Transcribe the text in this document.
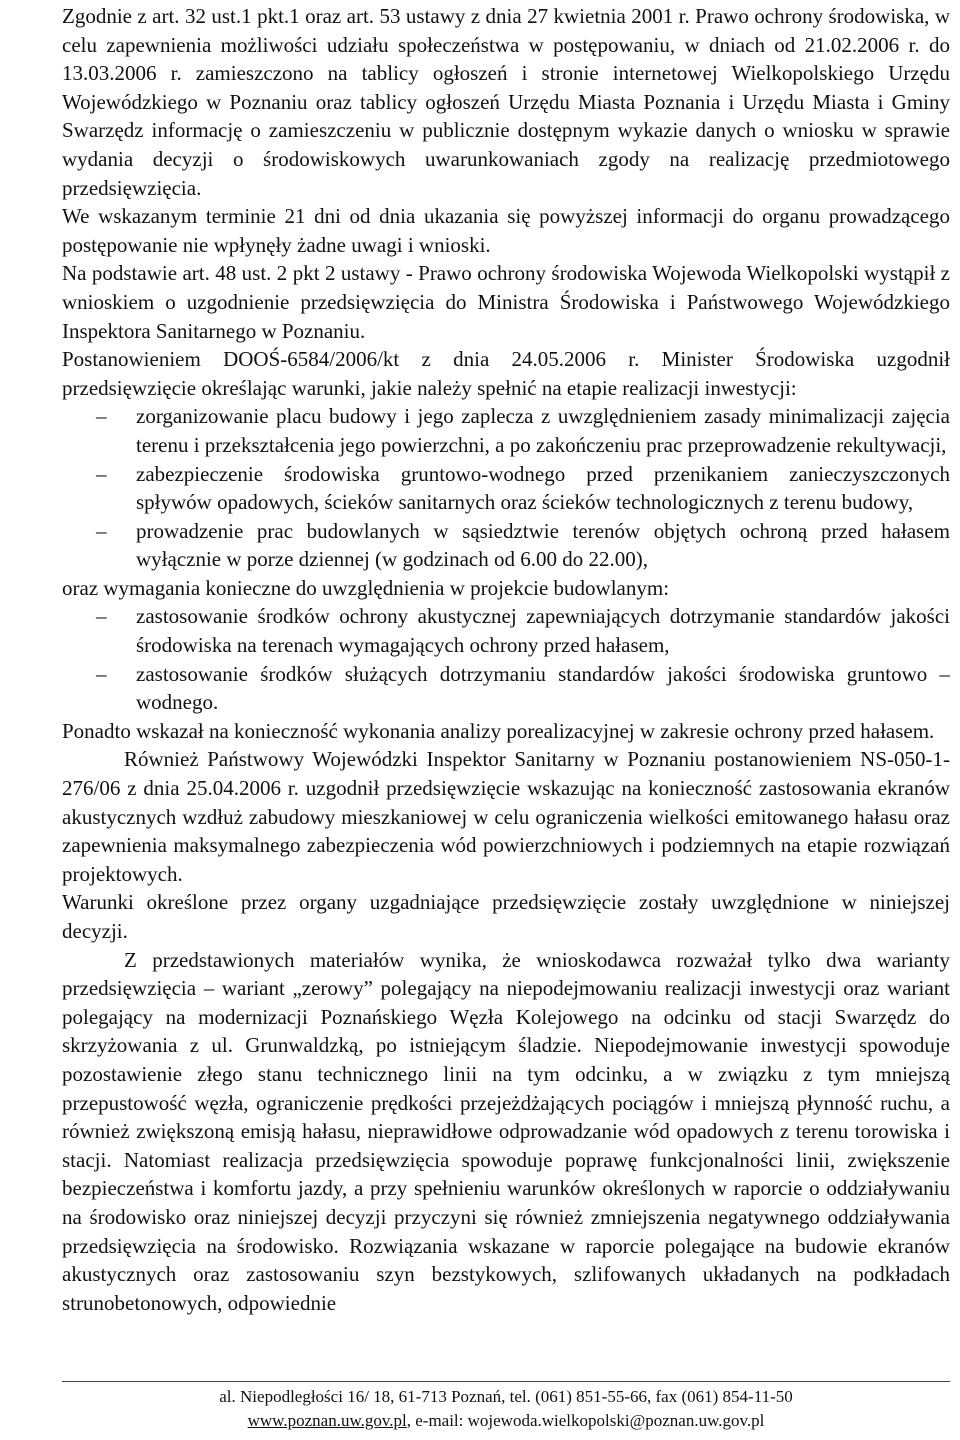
Zgodnie z art. 32 ust.1 pkt.1 oraz art. 53 ustawy z dnia 27 kwietnia 2001 r. Prawo ochrony środowiska, w celu zapewnienia możliwości udziału społeczeństwa w postępowaniu, w dniach od 21.02.2006 r. do 13.03.2006 r. zamieszczono na tablicy ogłoszeń i stronie internetowej Wielkopolskiego Urzędu Wojewódzkiego w Poznaniu oraz tablicy ogłoszeń Urzędu Miasta Poznania i Urzędu Miasta i Gminy Swarzędz informację o zamieszczeniu w publicznie dostępnym wykazie danych o wniosku w sprawie wydania decyzji o środowiskowych uwarunkowaniach zgody na realizację przedmiotowego przedsięwzięcia.

We wskazanym terminie 21 dni od dnia ukazania się powyższej informacji do organu prowadzącego postępowanie nie wpłynęły żadne uwagi i wnioski.

Na podstawie art. 48 ust. 2 pkt 2 ustawy - Prawo ochrony środowiska Wojewoda Wielkopolski wystąpił z wnioskiem o uzgodnienie przedsięwzięcia do Ministra Środowiska i Państwowego Wojewódzkiego Inspektora Sanitarnego w Poznaniu.

Postanowieniem DOOŚ-6584/2006/kt z dnia 24.05.2006 r. Minister Środowiska uzgodnił przedsięwzięcie określając warunki, jakie należy spełnić na etapie realizacji inwestycji:

– zorganizowanie placu budowy i jego zaplecza z uwzględnieniem zasady minimalizacji zajęcia terenu i przekształcenia jego powierzchni, a po zakończeniu prac przeprowadzenie rekultywacji,
– zabezpieczenie środowiska gruntowo-wodnego przed przenikaniem zanieczyszczonych spływów opadowych, ścieków sanitarnych oraz ścieków technologicznych z terenu budowy,
– prowadzenie prac budowlanych w sąsiedztwie terenów objętych ochroną przed hałasem wyłącznie w porze dziennej (w godzinach od 6.00 do 22.00),

oraz wymagania konieczne do uwzględnienia w projekcie budowlanym:

– zastosowanie środków ochrony akustycznej zapewniających dotrzymanie standardów jakości środowiska na terenach wymagających ochrony przed hałasem,
– zastosowanie środków służących dotrzymaniu standardów jakości środowiska gruntowo – wodnego.

Ponadto wskazał na konieczność wykonania analizy porealizacyjnej w zakresie ochrony przed hałasem.

Również Państwowy Wojewódzki Inspektor Sanitarny w Poznaniu postanowieniem NS-050-1-276/06 z dnia 25.04.2006 r. uzgodnił przedsięwzięcie wskazując na konieczność zastosowania ekranów akustycznych wzdłuż zabudowy mieszkaniowej w celu ograniczenia wielkości emitowanego hałasu oraz zapewnienia maksymalnego zabezpieczenia wód powierzchniowych i podziemnych na etapie rozwiązań projektowych.

Warunki określone przez organy uzgadniające przedsięwzięcie zostały uwzględnione w niniejszej decyzji.

Z przedstawionych materiałów wynika, że wnioskodawca rozważał tylko dwa warianty przedsięwzięcia – wariant „zerowy” polegający na niepodejmowaniu realizacji inwestycji oraz wariant polegający na modernizacji Poznańskiego Węzła Kolejowego na odcinku od stacji Swarzędz do skrzyżowania z ul. Grunwaldzką, po istniejącym śladzie. Niepodejmowanie inwestycji spowoduje pozostawienie złego stanu technicznego linii na tym odcinku, a w związku z tym mniejszą przepustowość węzła, ograniczenie prędkości przejeżdżających pociągów i mniejszą płynność ruchu, a również zwiększoną emisją hałasu, nieprawidłowe odprowadzanie wód opadowych z terenu torowiska i stacji. Natomiast realizacja przedsięwzięcia spowoduje poprawę funkcjonalności linii, zwiększenie bezpieczeństwa i komfortu jazdy, a przy spełnieniu warunków określonych w raporcie o oddziaływaniu na środowisko oraz niniejszej decyzji przyczyni się również zmniejszenia negatywnego oddziaływania przedsięwzięcia na środowisko. Rozwiązania wskazane w raporcie polegające na budowie ekranów akustycznych oraz zastosowaniu szyn bezstykowych, szlifowanych układanych na podkładach strunobetonowych, odpowiednie

al. Niepodległości 16/ 18, 61-713 Poznań, tel. (061) 851-55-66, fax (061) 854-11-50
www.poznan.uw.gov.pl, e-mail: wojewoda.wielkopolski@poznan.uw.gov.pl
